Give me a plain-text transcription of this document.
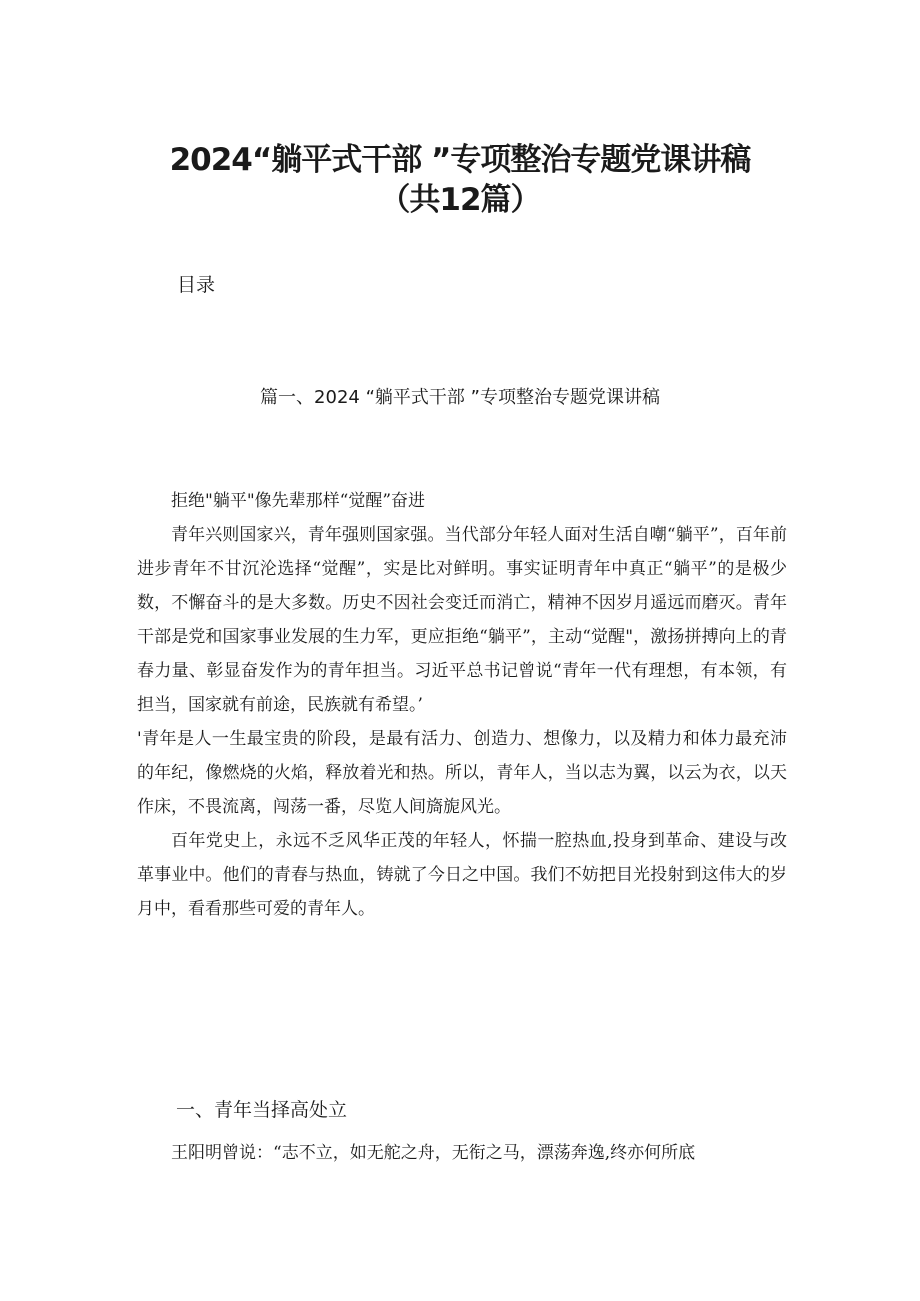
2024“躺平式干部 ”专项整治专题党课讲稿
（共12篇）
目录
篇一、2024 “躺平式干部 ”专项整治专题党课讲稿

拒绝"躺平"像先辈那样“觉醒”奋进

青年兴则国家兴，青年强则国家强。当代部分年轻人面对生活自嘲“躺平”，百年前进步青年不甘沉沦选择“觉醒”，实是比对鲜明。事实证明青年中真正“躺平”的是极少数，不懈奋斗的是大多数。历史不因社会变迁而消亡，精神不因岁月遥远而磨灭。青年干部是党和国家事业发展的生力军，更应拒绝“躺平”，主动“觉醒"，激扬拼搏向上的青春力量、彰显奋发作为的青年担当。习近平总书记曾说“青年一代有理想，有本领，有担当，国家就有前途，民族就有希望。’

'青年是人一生最宝贵的阶段，是最有活力、创造力、想像力，以及精力和体力最充沛的年纪，像燃烧的火焰，释放着光和热。所以，青年人，当以志为翼，以云为衣，以天作床，不畏流离，闯荡一番，尽览人间旖旎风光。

百年党史上，永远不乏风华正茂的年轻人，怀揣一腔热血,投身到革命、建设与改革事业中。他们的青春与热血，铸就了今日之中国。我们不妨把目光投射到这伟大的岁月中，看看那些可爱的青年人。

一、青年当择高处立

王阳明曾说：“志不立，如无舵之舟，无衔之马，漂荡奔逸,终亦何所底
